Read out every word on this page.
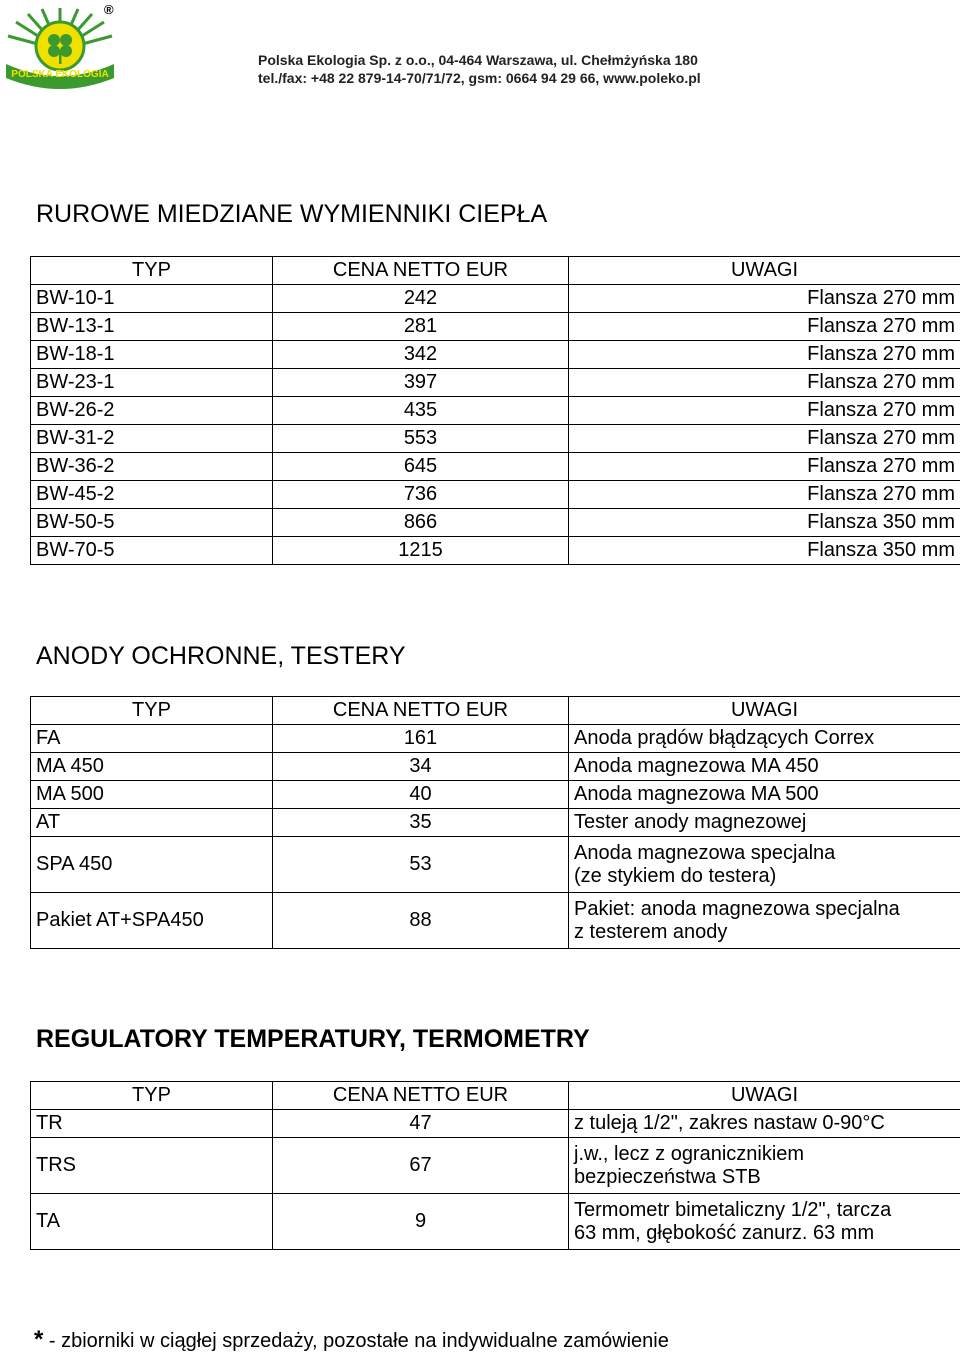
POLSKA EKOLOGIA
®
Polska Ekologia Sp. z o.o., 04-464 Warszawa, ul. Chełmżyńska 180
tel./fax: +48 22 879-14-70/71/72, gsm: 0664 94 29 66, www.poleko.pl
RUROWE MIEDZIANE WYMIENNIKI CIEPŁA
TYP	CENA NETTO EUR	UWAGI
BW-10-1	242	Flansza 270 mm
BW-13-1	281	Flansza 270 mm
BW-18-1	342	Flansza 270 mm
BW-23-1	397	Flansza 270 mm
BW-26-2	435	Flansza 270 mm
BW-31-2	553	Flansza 270 mm
BW-36-2	645	Flansza 270 mm
BW-45-2	736	Flansza 270 mm
BW-50-5	866	Flansza 350 mm
BW-70-5	1215	Flansza 350 mm
ANODY OCHRONNE, TESTERY
TYP	CENA NETTO EUR	UWAGI
FA	161	Anoda prądów błądzących Correx
MA 450	34	Anoda magnezowa MA 450
MA 500	40	Anoda magnezowa MA 500
AT	35	Tester anody magnezowej
SPA 450	53	Anoda magnezowa specjalna
(ze stykiem do testera)

Pakiet AT+SPA450	88	Pakiet: anoda magnezowa specjalna
z testerem anody
REGULATORY TEMPERATURY, TERMOMETRY
TYP	CENA NETTO EUR	UWAGI
TR	47	z tuleją 1/2", zakres nastaw 0-90°C
TRS	67	j.w., lecz z ogranicznikiem
bezpieczeństwa STB

TA	9	Termometr bimetaliczny 1/2", tarcza
63 mm, głębokość zanurz. 63 mm
* - zbiorniki w ciągłej sprzedaży, pozostałe na indywidualne zamówienie
